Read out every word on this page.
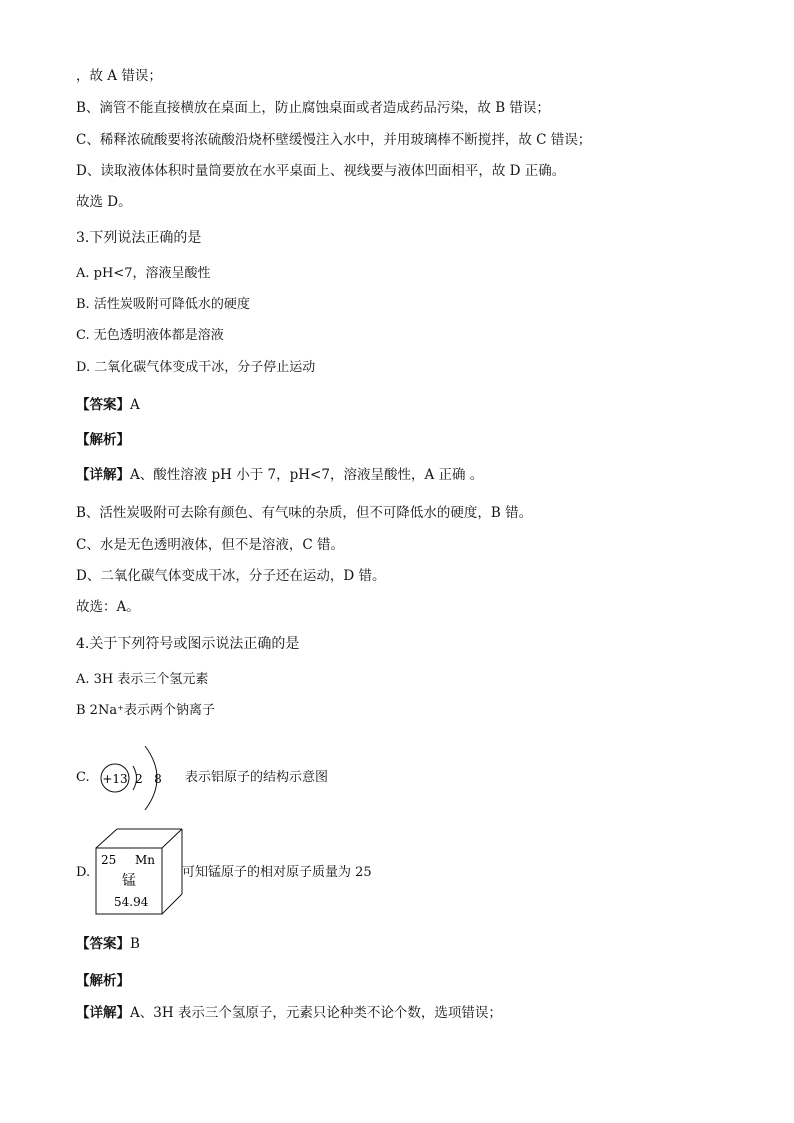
，故 A 错误；
B、滴管不能直接横放在桌面上，防止腐蚀桌面或者造成药品污染，故 B 错误；
C、稀释浓硫酸要将浓硫酸沿烧杯壁缓慢注入水中，并用玻璃棒不断搅拌，故 C 错误；
D、读取液体体积时量筒要放在水平桌面上、视线要与液体凹面相平，故 D 正确。
故选 D。
3.下列说法正确的是
A. pH<7，溶液呈酸性
B. 活性炭吸附可降低水的硬度
C. 无色透明液体都是溶液
D. 二氧化碳气体变成干冰，分子停止运动
【答案】A
【解析】
【详解】A、酸性溶液 pH 小于 7，pH<7，溶液呈酸性，A 正确 。
B、活性炭吸附可去除有颜色、有气味的杂质，但不可降低水的硬度，B 错。
C、水是无色透明液体，但不是溶液，C 错。
D、二氧化碳气体变成干冰，分子还在运动，D 错。
故选：A。
4.关于下列符号或图示说法正确的是
A. 3H 表示三个氢元素
B 2Na⁺表示两个钠离子
C. +13 2 8 表示铝原子的结构示意图
D.
25 Mn
锰
54.94
可知锰原子的相对原子质量为 25
【答案】B
【解析】
【详解】A、3H 表示三个氢原子，元素只论种类不论个数，选项错误；
